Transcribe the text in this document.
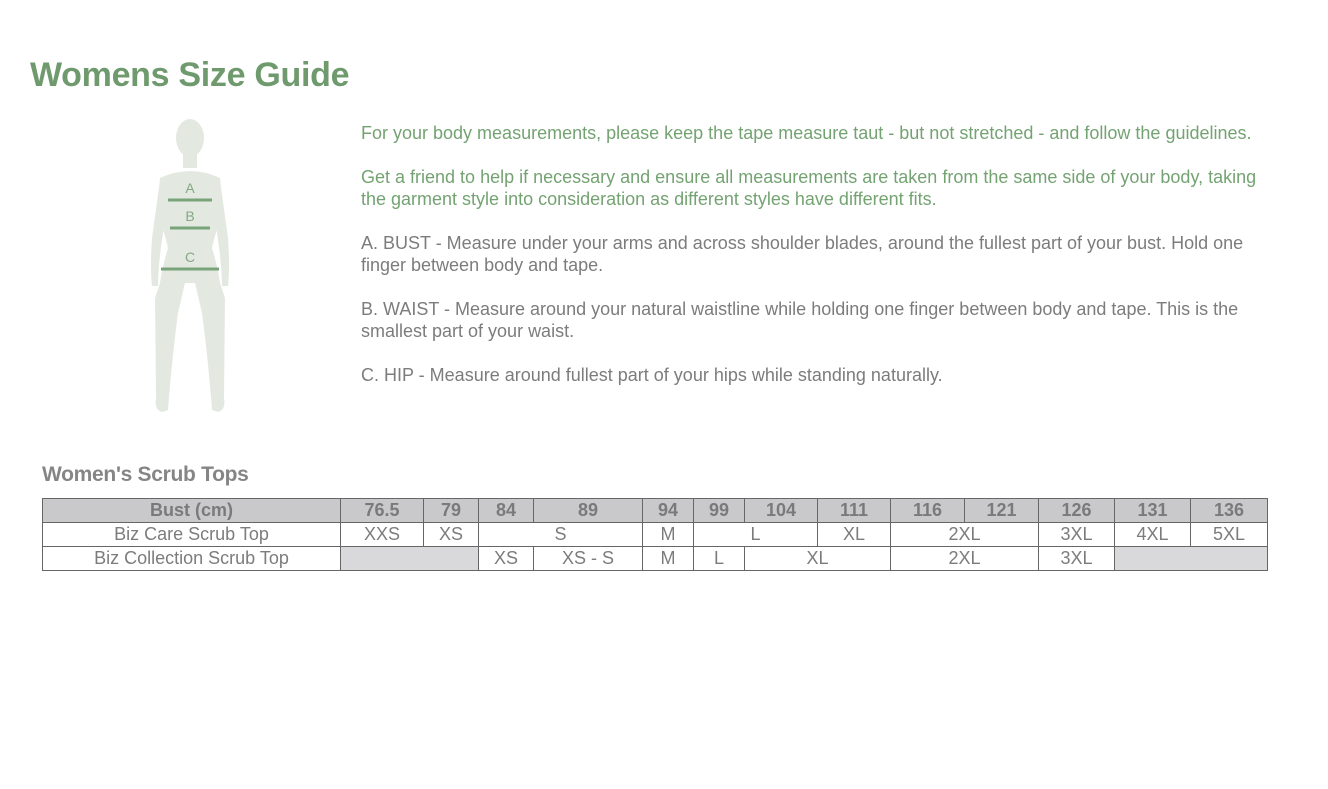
Womens Size Guide
A
B
C

For your body measurements, please keep the tape measure taut - but not stretched - and follow the guidelines.

Get a friend to help if necessary and ensure all measurements are taken from the same side of your body, taking the garment style into consideration as different styles have different fits.

A. BUST - Measure under your arms and across shoulder blades, around the fullest part of your bust. Hold one finger between body and tape.

B. WAIST - Measure around your natural waistline while holding one finger between body and tape. This is the smallest part of your waist.

C. HIP - Measure around fullest part of your hips while standing naturally.

Women's Scrub Tops
Bust (cm)	76.5	79	84	89	94	99	104	111	116	121	126	131	136
Biz Care Scrub Top	XXS	XS	S		M	L		XL	2XL		3XL	4XL	5XL
Biz Collection Scrub Top			XS	XS - S	M	L	XL		2XL		3XL		
